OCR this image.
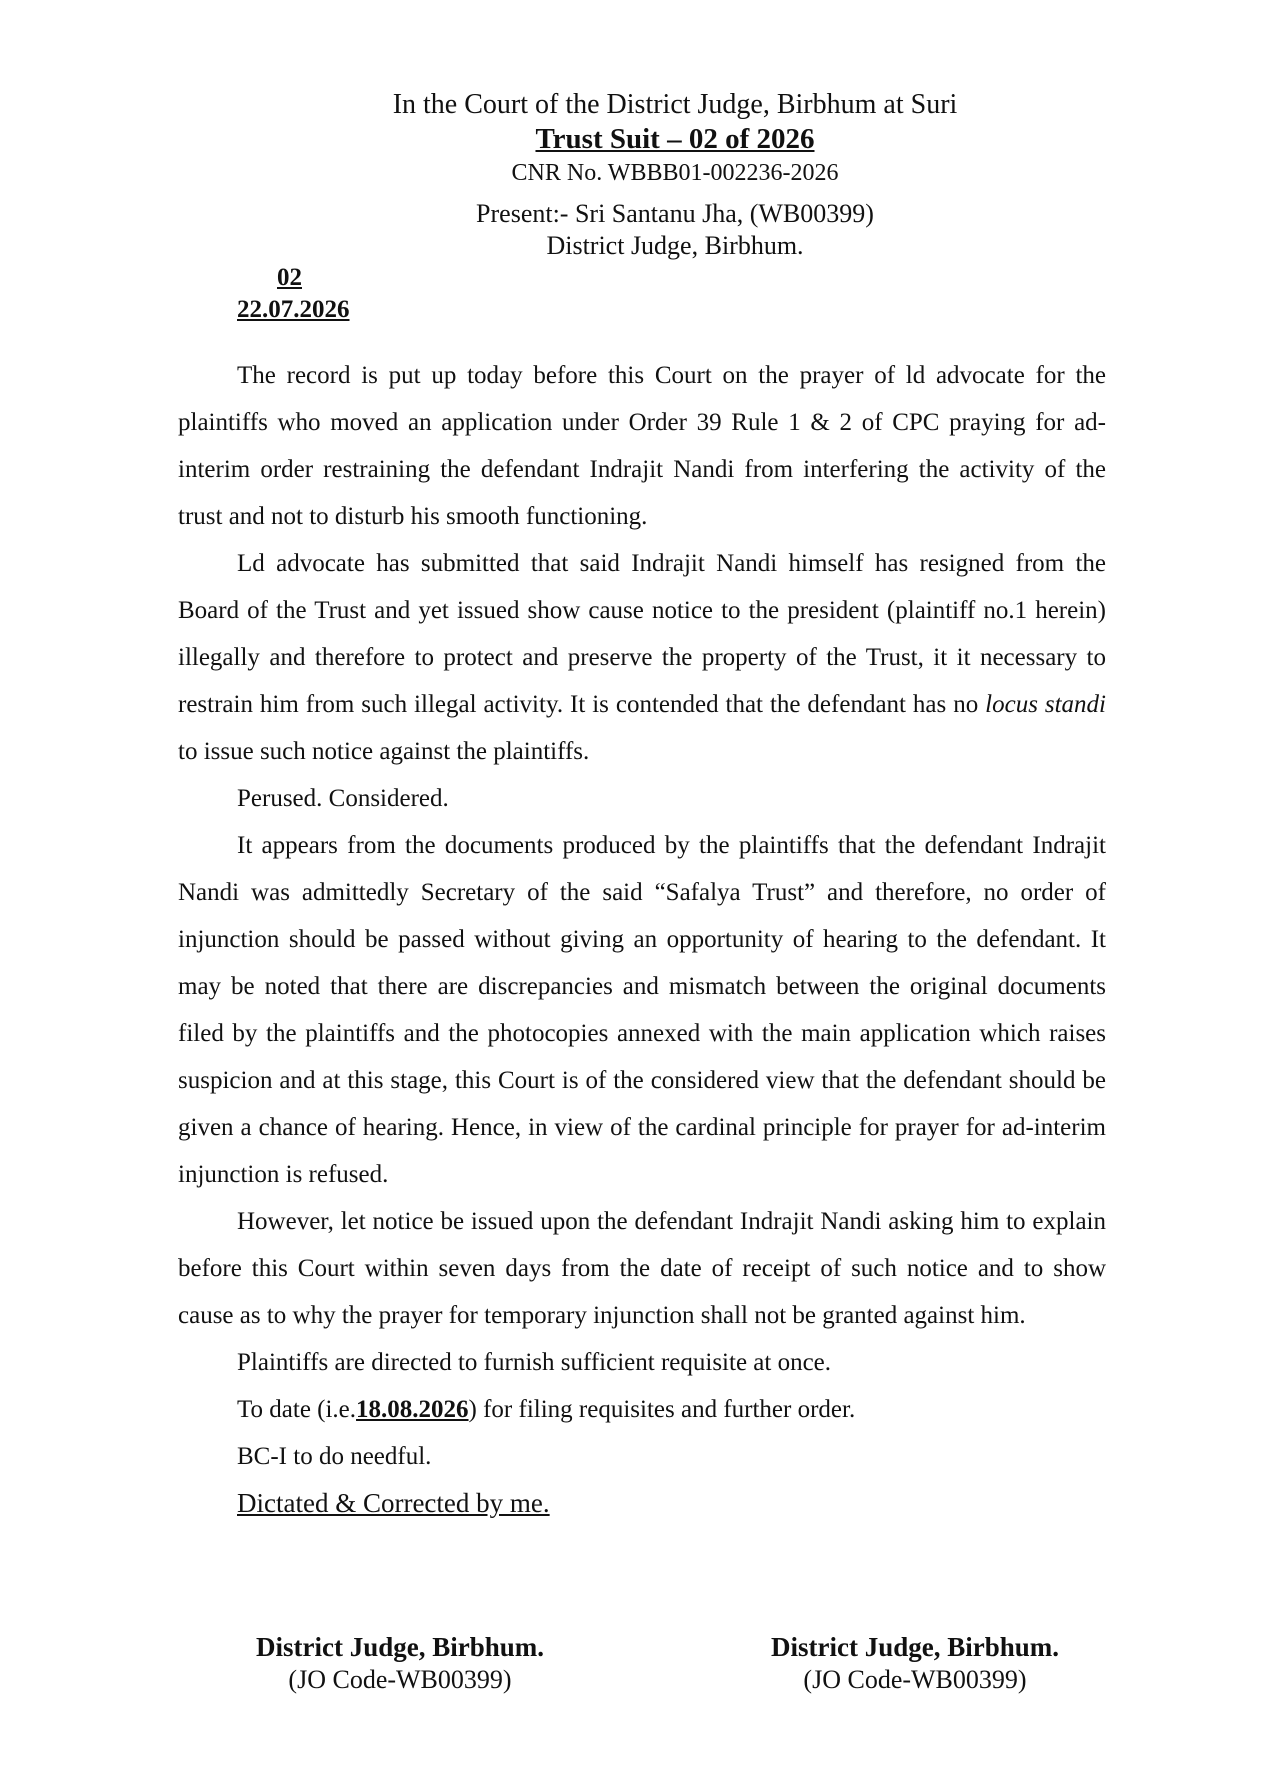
In the Court of the District Judge, Birbhum at Suri
Trust Suit – 02 of 2026
CNR No. WBBB01-002236-2026
Present:- Sri Santanu Jha, (WB00399)
District Judge, Birbhum.
02
22.07.2026

The record is put up today before this Court on the prayer of ld advocate for the plaintiffs who moved an application under Order 39 Rule 1 & 2 of CPC praying for ad-interim order restraining the defendant Indrajit Nandi from interfering the activity of the trust and not to disturb his smooth functioning.

Ld advocate has submitted that said Indrajit Nandi himself has resigned from the Board of the Trust and yet issued show cause notice to the president (plaintiff no.1 herein) illegally and therefore to protect and preserve the property of the Trust, it it necessary to restrain him from such illegal activity. It is contended that the defendant has no locus standi to issue such notice against the plaintiffs.

Perused. Considered.

It appears from the documents produced by the plaintiffs that the defendant Indrajit Nandi was admittedly Secretary of the said “Safalya Trust” and therefore, no order of injunction should be passed without giving an opportunity of hearing to the defendant. It may be noted that there are discrepancies and mismatch between the original documents filed by the plaintiffs and the photocopies annexed with the main application which raises suspicion and at this stage, this Court is of the considered view that the defendant should be given a chance of hearing. Hence, in view of the cardinal principle for prayer for ad-interim injunction is refused.

However, let notice be issued upon the defendant Indrajit Nandi asking him to explain before this Court within seven days from the date of receipt of such notice and to show cause as to why the prayer for temporary injunction shall not be granted against him.

Plaintiffs are directed to furnish sufficient requisite at once.

To date (i.e.18.08.2026) for filing requisites and further order.

BC-I to do needful.

Dictated & Corrected by me.

District Judge, Birbhum.
(JO Code-WB00399)
District Judge, Birbhum.
(JO Code-WB00399)
